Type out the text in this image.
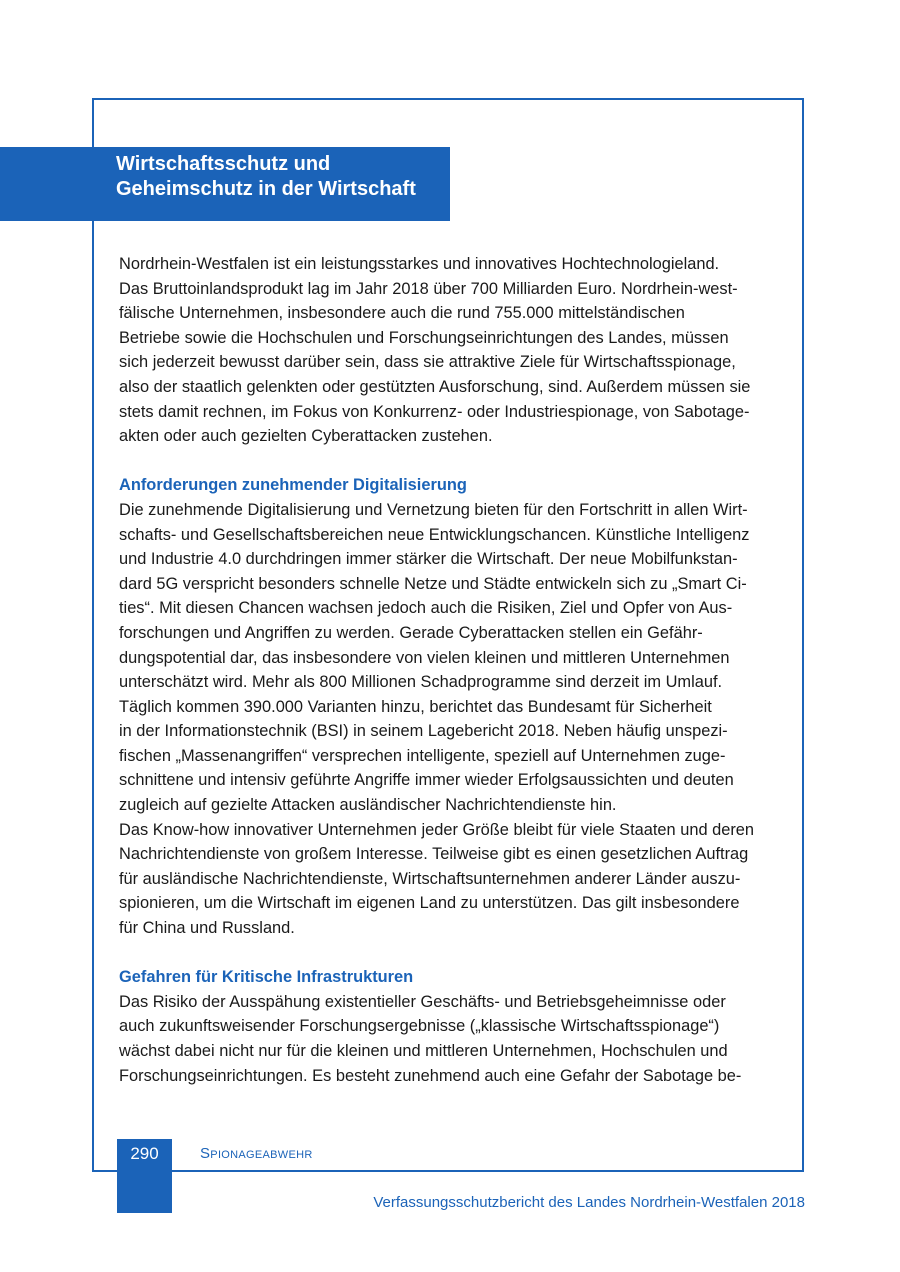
Wirtschaftsschutz und
Geheimschutz in der Wirtschaft
Nordrhein-Westfalen ist ein leistungsstarkes und innovatives Hochtechnologieland.
Das Bruttoinlandsprodukt lag im Jahr 2018 über 700 Milliarden Euro. Nordrhein-west-
fälische Unternehmen, insbesondere auch die rund 755.000 mittelständischen
Betriebe sowie die Hochschulen und Forschungseinrichtungen des Landes, müssen
sich jederzeit bewusst darüber sein, dass sie attraktive Ziele für Wirtschaftsspionage,
also der staatlich gelenkten oder gestützten Ausforschung, sind. Außerdem müssen sie
stets damit rechnen, im Fokus von Konkurrenz- oder Industriespionage, von Sabotage-
akten oder auch gezielten Cyberattacken zustehen.
Anforderungen zunehmender Digitalisierung
Die zunehmende Digitalisierung und Vernetzung bieten für den Fortschritt in allen Wirt-
schafts- und Gesellschaftsbereichen neue Entwicklungschancen. Künstliche Intelligenz
und Industrie 4.0 durchdringen immer stärker die Wirtschaft. Der neue Mobilfunkstan-
dard 5G verspricht besonders schnelle Netze und Städte entwickeln sich zu „Smart Ci-
ties“. Mit diesen Chancen wachsen jedoch auch die Risiken, Ziel und Opfer von Aus-
forschungen und Angriffen zu werden. Gerade Cyberattacken stellen ein Gefähr-
dungspotential dar, das insbesondere von vielen kleinen und mittleren Unternehmen
unterschätzt wird. Mehr als 800 Millionen Schadprogramme sind derzeit im Umlauf.
Täglich kommen 390.000 Varianten hinzu, berichtet das Bundesamt für Sicherheit
in der Informationstechnik (BSI) in seinem Lagebericht 2018. Neben häufig unspezi-
fischen „Massenangriffen“ versprechen intelligente, speziell auf Unternehmen zuge-
schnittene und intensiv geführte Angriffe immer wieder Erfolgsaussichten und deuten
zugleich auf gezielte Attacken ausländischer Nachrichtendienste hin.
Das Know-how innovativer Unternehmen jeder Größe bleibt für viele Staaten und deren
Nachrichtendienste von großem Interesse. Teilweise gibt es einen gesetzlichen Auftrag
für ausländische Nachrichtendienste, Wirtschaftsunternehmen anderer Länder auszu-
spionieren, um die Wirtschaft im eigenen Land zu unterstützen. Das gilt insbesondere
für China und Russland.
Gefahren für Kritische Infrastrukturen
Das Risiko der Ausspähung existentieller Geschäfts- und Betriebsgeheimnisse oder
auch zukunftsweisender Forschungsergebnisse („klassische Wirtschaftsspionage“)
wächst dabei nicht nur für die kleinen und mittleren Unternehmen, Hochschulen und
Forschungseinrichtungen. Es besteht zunehmend auch eine Gefahr der Sabotage be-
290	Spionageabwehr
Verfassungsschutzbericht des Landes Nordrhein-Westfalen 2018
